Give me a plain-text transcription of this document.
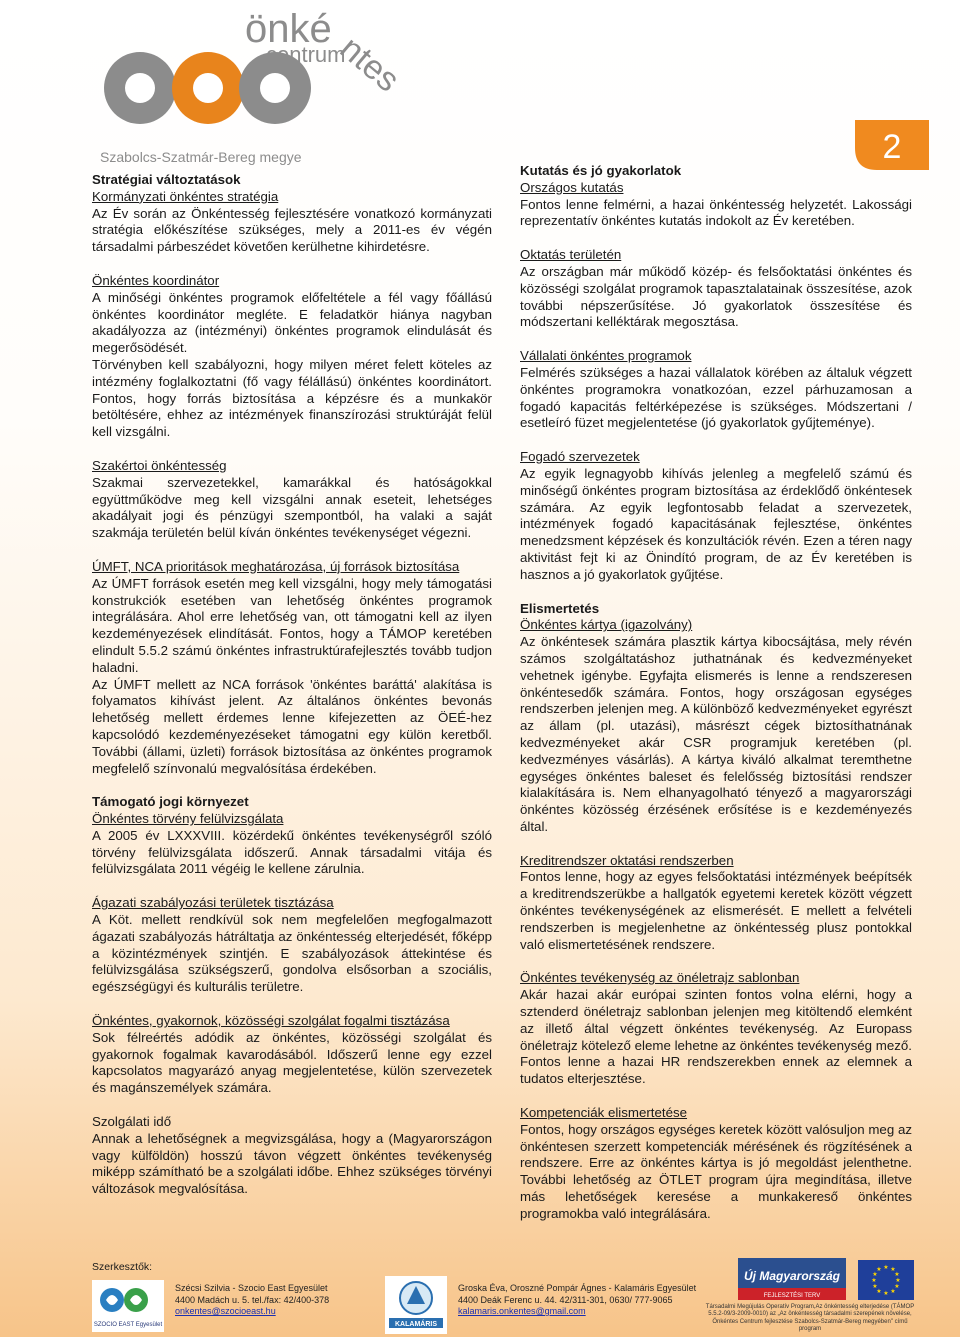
önké
ntes
centrum
Szabolcs-Szatmár-Bereg megye	2

Stratégiai változtatások

Kormányzati önkéntes stratégia

Az Év során az Önkéntesség fejlesztésére vonatkozó kormányzati stratégia előkészítése szükséges, mely a 2011-es év végén társadalmi párbeszédet követően kerülhetne kihirdetésre.

Önkéntes koordinátor

A minőségi önkéntes programok előfeltétele a fél vagy főállású önkéntes koordinátor megléte. E feladatkör hiánya nagyban akadályozza az (intézményi) önkéntes programok elindulását és megerősödését.

Törvényben kell szabályozni, hogy milyen méret felett köteles az intézmény foglalkoztatni (fő vagy félállású) önkéntes koordinátort. Fontos, hogy forrás biztosítása a képzésre és a munkakör betöltésére, ehhez az intézmények finanszírozási struktúráját felül kell vizsgálni.

Szakértoi önkéntesség

Szakmai szervezetekkel, kamarákkal és hatóságokkal együttműködve meg kell vizsgálni annak eseteit, lehetséges akadályait jogi és pénzügyi szempontból, ha valaki a saját szakmája területén belül kíván önkéntes tevékenységet végezni.

ÚMFT, NCA prioritások meghatározása, új források biztosítása

Az ÚMFT források esetén meg kell vizsgálni, hogy mely támogatási konstrukciók esetében van lehetőség önkéntes programok integrálására. Ahol erre lehetőség van, ott támogatni kell az ilyen kezdeményezések elindítását. Fontos, hogy a TÁMOP keretében elindult 5.5.2 számú önkéntes infrastruktúrafejlesztés tovább tudjon haladni.

Az ÚMFT mellett az NCA források 'önkéntes baráttá' alakítása is folyamatos kihívást jelent. Az általános önkéntes bevonás lehetőség mellett érdemes lenne kifejezetten az ÖEÉ-hez kapcsolódó kezdeményezéseket támogatni egy külön keretből. További (állami, üzleti) források biztosítása az önkéntes programok megfelelő színvonalú megvalósítása érdekében.

Támogató jogi környezet

Önkéntes törvény felülvizsgálata

A 2005 év LXXXVIII. közérdekű önkéntes tevékenységről szóló törvény felülvizsgálata időszerű. Annak társadalmi vitája és felülvizsgálata 2011 végéig le kellene zárulnia.

Ágazati szabályozási területek tisztázása

A Köt. mellett rendkívül sok nem megfelelően megfogalmazott ágazati szabályozás hátráltatja az önkéntesség elterjedését, főképp a közintézmények szintjén. E szabályozások áttekintése és felülvizsgálása szükségszerű, gondolva elsősorban a szociális, egészségügyi és kulturális területre.

Önkéntes, gyakornok, közösségi szolgálat fogalmi tisztázása

Sok félreértés adódik az önkéntes, közösségi szolgálat és gyakornok fogalmak kavarodásából. Időszerű lenne egy ezzel kapcsolatos magyarázó anyag megjelentetése, külön szervezetek és magánszemélyek számára.

Szolgálati idő

Annak a lehetőségnek a megvizsgálása, hogy a (Magyarországon vagy külföldön) hosszú távon végzett önkéntes tevékenység miképp számítható be a szolgálati időbe. Ehhez szükséges törvényi változások megvalósítása.

Kutatás és jó gyakorlatok

Országos kutatás

Fontos lenne felmérni, a hazai önkéntesség helyzetét. Lakossági reprezentatív önkéntes kutatás indokolt az Év keretében.

Oktatás területén

Az országban már működő közép- és felsőoktatási önkéntes és közösségi szolgálat programok tapasztalatainak összesítése, azok további népszerűsítése. Jó gyakorlatok összesítése és módszertani kelléktárak megosztása.

Vállalati önkéntes programok

Felmérés szükséges a hazai vállalatok körében az általuk végzett önkéntes programokra vonatkozóan, ezzel párhuzamosan a fogadó kapacitás feltérképezése is szükséges. Módszertani / esetleíró füzet megjelentetése (jó gyakorlatok gyűjteménye).

Fogadó szervezetek

Az egyik legnagyobb kihívás jelenleg a megfelelő számú és minőségű önkéntes program biztosítása az érdeklődő önkéntesek számára. Az egyik legfontosabb feladat a szervezetek, intézmények fogadó kapacitásának fejlesztése, önkéntes menedzsment képzések és konzultációk révén. Ezen a téren nagy aktivitást fejt ki az Önindító program, de az Év keretében is hasznos a jó gyakorlatok gyűjtése.

Elismertetés

Önkéntes kártya (igazolvány)

Az önkéntesek számára plasztik kártya kibocsájtása, mely révén számos szolgáltatáshoz juthatnának és kedvezményeket vehetnek igénybe. Egyfajta elismerés is lenne a rendszeresen önkéntesedők számára. Fontos, hogy országosan egységes rendszerben jelenjen meg. A különböző kedvezményeket egyrészt az állam (pl. utazási), másrészt cégek biztosíthatnának kedvezményeket akár CSR programjuk keretében (pl. kedvezményes vásárlás). A kártya kiváló alkalmat teremthetne egységes önkéntes baleset és felelősség biztosítási rendszer kialakítására is. Nem elhanyagolható tényező a magyarországi önkéntes közösség érzésének erősítése is e kezdeményezés által.

Kreditrendszer oktatási rendszerben

Fontos lenne, hogy az egyes felsőoktatási intézmények beépítsék a kreditrendszerükbe a hallgatók egyetemi keretek között végzett önkéntes tevékenységének az elismerését. E mellett a felvételi rendszerben is megjelenhetne az önkéntesség plusz pontokkal való elismertetésének rendszere.

Önkéntes tevékenység az önéletrajz sablonban

Akár hazai akár európai szinten fontos volna elérni, hogy a sztenderd önéletrajz sablonban jelenjen meg kitöltendő elemként az illető által végzett önkéntes tevékenység. Az Europass önéletrajz kötelező eleme lehetne az önkéntes tevékenység mező. Fontos lenne a hazai HR rendszerekben ennek az elemnek a tudatos elterjesztése.

Kompetenciák elismertetése

Fontos, hogy országos egységes keretek között valósuljon meg az önkéntesen szerzett kompetenciák mérésének és rögzítésének a rendszere. Erre az önkéntes kártya is jó megoldást jelenthetne. További lehetőség az ÖTLET program újra megindítása, illetve más lehetőségek keresése a munkakereső önkéntes programokba való integrálására.

Szerkesztők:
SZOCIO EAST Egyesület
Szécsi Szilvia - Szocio East Egyesület
4400 Madách u. 5. tel./fax: 42/400-378
onkentes@szocioeast.hu
KALAMÁRIS
Groska Éva, Oroszné Pompár Ágnes - Kalamáris Egyesület
4400 Deák Ferenc u. 44. 42/311-301, 0630/ 777-9065
kalamaris.onkentes@gmail.com
Új Magyarország
FEJLESZTÉSI TERV
★ ★
★
★
★
★
★
★
★
★
★
★
Társadalmi Megújulás Operatív Program,Az önkéntesség elterjedése (TÁMOP 5.5.2-09/3-2009-0010) az „Az önkéntesség társadalmi szerepének növelése, Önkéntes Centrum fejlesztése Szabolcs-Szatmár-Bereg megyében" című program
